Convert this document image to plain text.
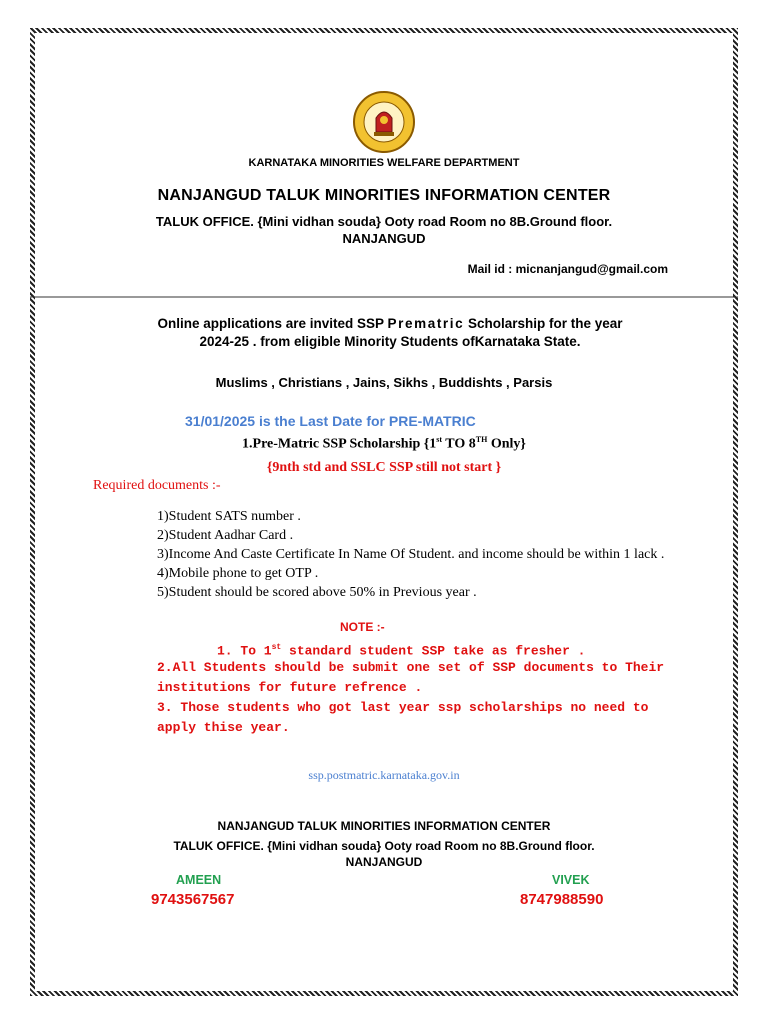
KARNATAKA MINORITIES WELFARE DEPARTMENT
NANJANGUD TALUK MINORITIES INFORMATION CENTER
TALUK OFFICE. {Mini vidhan souda} Ooty road Room no 8B.Ground floor.
NANJANGUD
Mail id : micnanjangud@gmail.com
Online applications are invited SSP Prematric Scholarship for the year 2024-25 . from eligible Minority Students ofKarnataka State.
Muslims , Christians , Jains, Sikhs , Buddishts , Parsis
31/01/2025 is the Last Date for PRE-MATRIC
1.Pre-Matric SSP Scholarship {1st TO 8TH Only}
{9nth std and SSLC SSP still not start }
Required documents :-
1)Student SATS number .
2)Student Aadhar Card .
3)Income And Caste Certificate In Name Of Student. and income should be within 1 lack .
4)Mobile phone to get OTP .
5)Student should be scored above 50% in Previous year .
NOTE :-
1. To 1st standard student SSP take as fresher .
2.All Students should be submit one set of SSP documents to Their institutions for future refrence .
3. Those students who got last year ssp scholarships no need to apply thise year.
ssp.postmatric.karnataka.gov.in
NANJANGUD TALUK MINORITIES INFORMATION CENTER
TALUK OFFICE. {Mini vidhan souda} Ooty road Room no 8B.Ground floor.
NANJANGUD
AMEEN	VIVEK
9743567567	8747988590
